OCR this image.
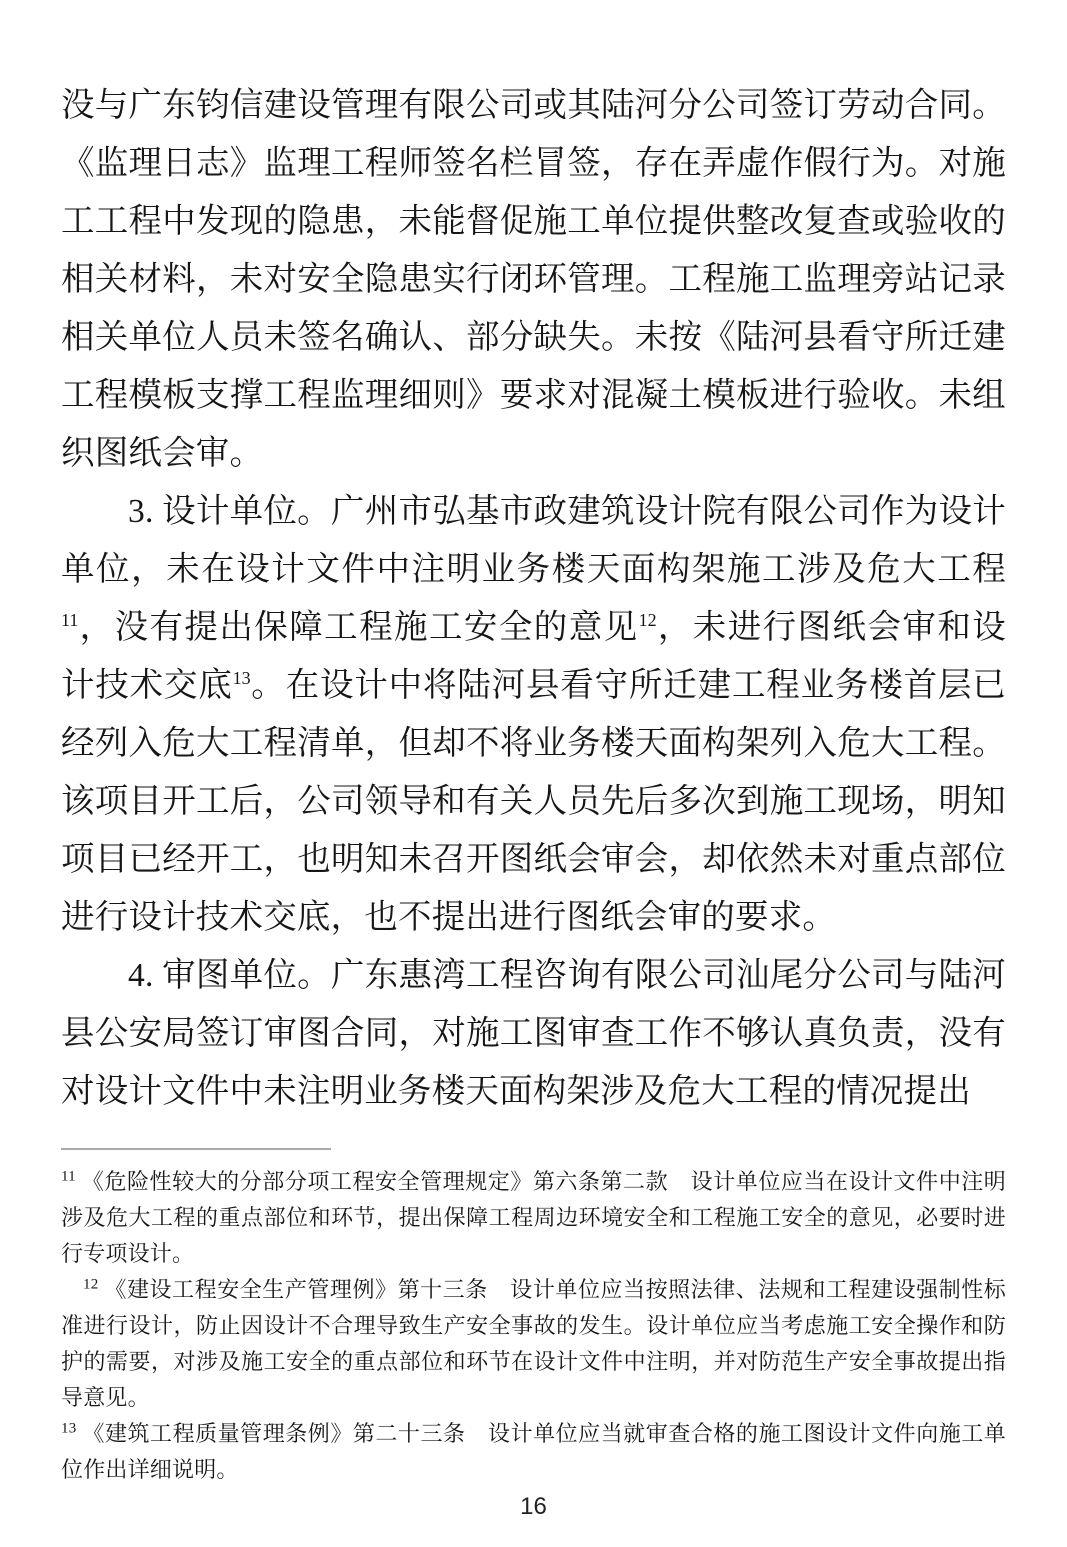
没与广东钧信建设管理有限公司或其陆河分公司签订劳动合同。《监理日志》监理工程师签名栏冒签，存在弄虚作假行为。对施工工程中发现的隐患，未能督促施工单位提供整改复查或验收的相关材料，未对安全隐患实行闭环管理。工程施工监理旁站记录相关单位人员未签名确认、部分缺失。未按《陆河县看守所迁建工程模板支撑工程监理细则》要求对混凝土模板进行验收。未组织图纸会审。

3. 设计单位。广州市弘基市政建筑设计院有限公司作为设计单位，未在设计文件中注明业务楼天面构架施工涉及危大工程$^{11}$，没有提出保障工程施工安全的意见$^{12}$，未进行图纸会审和设计技术交底$^{13}$。在设计中将陆河县看守所迁建工程业务楼首层已经列入危大工程清单，但却不将业务楼天面构架列入危大工程。该项目开工后，公司领导和有关人员先后多次到施工现场，明知项目已经开工，也明知未召开图纸会审会，却依然未对重点部位进行设计技术交底，也不提出进行图纸会审的要求。

4. 审图单位。广东惠湾工程咨询有限公司汕尾分公司与陆河县公安局签订审图合同，对施工图审查工作不够认真负责，没有对设计文件中未注明业务楼天面构架涉及危大工程的情况提出

$^{11}$ 《危险性较大的分部分项工程安全管理规定》第六条第二款　设计单位应当在设计文件中注明涉及危大工程的重点部位和环节，提出保障工程周边环境安全和工程施工安全的意见，必要时进行专项设计。

$^{12}$ 《建设工程安全生产管理例》第十三条　设计单位应当按照法律、法规和工程建设强制性标准进行设计，防止因设计不合理导致生产安全事故的发生。设计单位应当考虑施工安全操作和防护的需要，对涉及施工安全的重点部位和环节在设计文件中注明，并对防范生产安全事故提出指导意见。

$^{13}$ 《建筑工程质量管理条例》第二十三条　设计单位应当就审查合格的施工图设计文件向施工单位作出详细说明。

16
